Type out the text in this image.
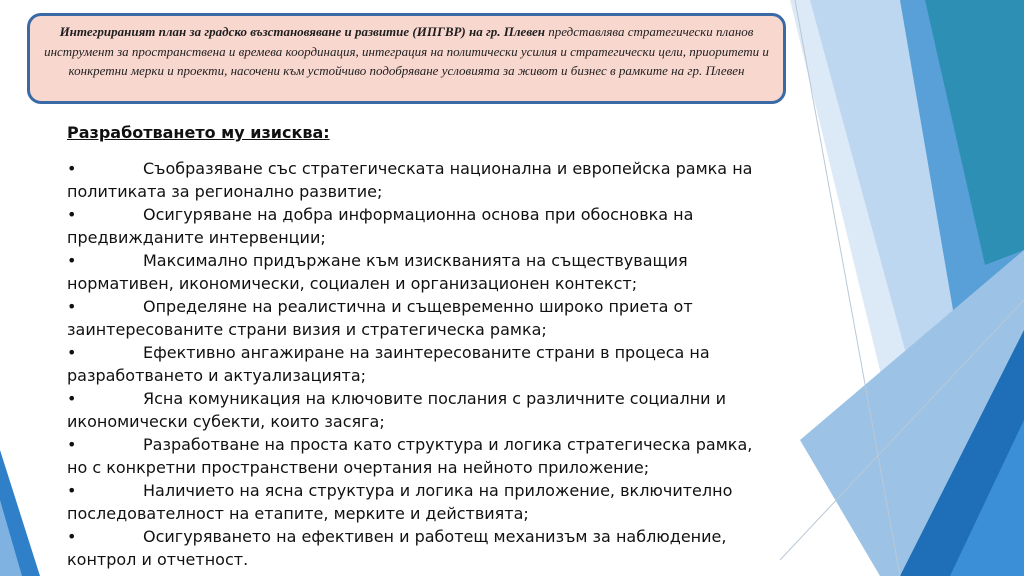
Интегрираният план за градско възстановяване и развитие (ИПГВР) на гр. Плевен представлява стратегически планов инструмент за пространствена и времева координация, интеграция на политически усилия и стратегически цели, приоритети и конкретни мерки и проекти, насочени към устойчиво подобряване условията за живот и бизнес в рамките на гр. Плевен
Разработването му изисква:
•	Съобразяване със стратегическата национална и европейска рамка на политиката за регионално развитие;
•	Осигуряване на добра информационна основа при обосновка на предвижданите интервенции;
•	Максимално придържане към изискванията на съществуващия нормативен, икономически, социален и организационен контекст;
•	Определяне на реалистична и същевременно широко приета от заинтересованите страни визия и стратегическа рамка;
•	Ефективно ангажиране на заинтересованите страни в процеса на разработването и актуализацията;
•	Ясна комуникация на ключовите послания с различните социални и икономически субекти, които засяга;
•	Разработване на проста като структура и логика стратегическа рамка, но с конкретни пространствени очертания на нейното приложение;
•	Наличието на ясна структура и логика на приложение, включително последователност на етапите, мерките и действията;
•	Осигуряването на ефективен и работещ механизъм за наблюдение, контрол и отчетност.
